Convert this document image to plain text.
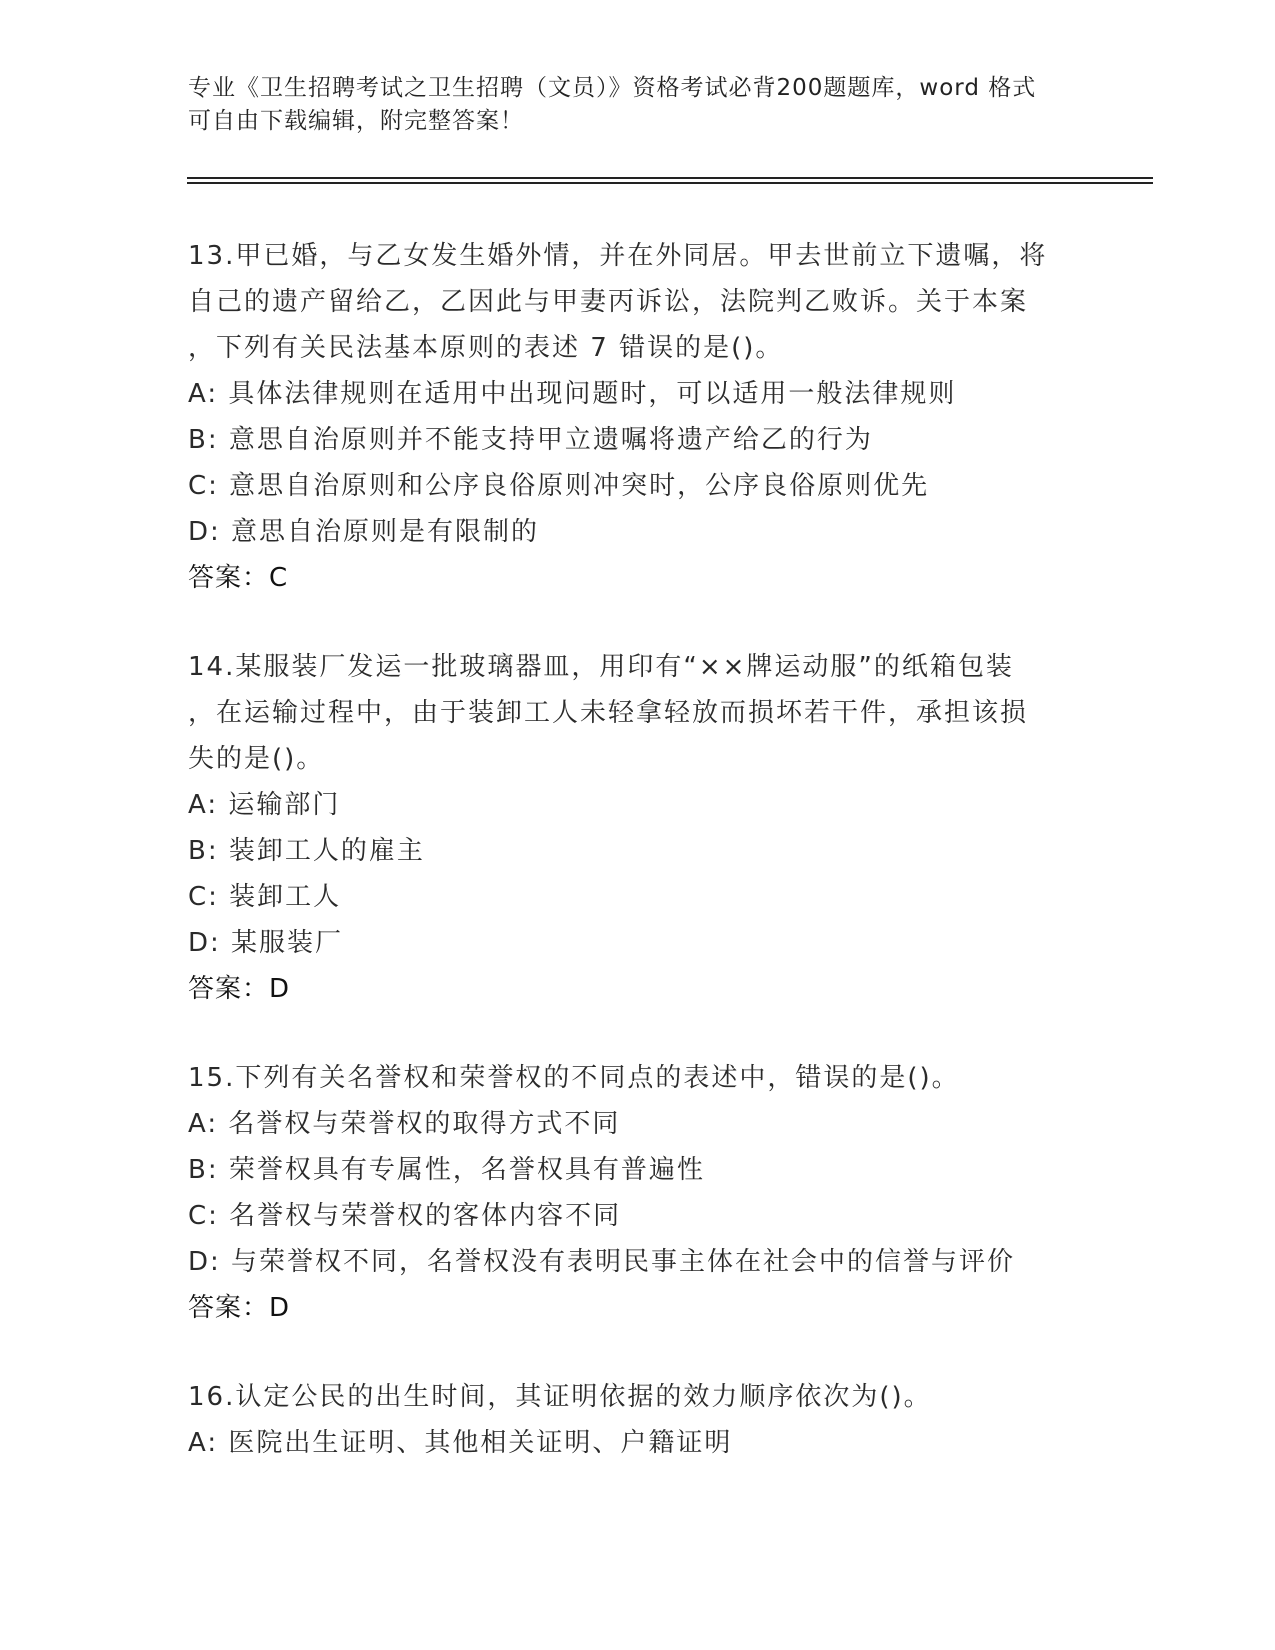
专业《卫生招聘考试之卫生招聘（文员）》资格考试必背200题题库，word 格式
可自由下载编辑，附完整答案！
13.甲已婚，与乙女发生婚外情，并在外同居。甲去世前立下遗嘱，将
自己的遗产留给乙，乙因此与甲妻丙诉讼，法院判乙败诉。关于本案
，下列有关民法基本原则的表述 7 错误的是()。
A: 具体法律规则在适用中出现问题时，可以适用一般法律规则
B: 意思自治原则并不能支持甲立遗嘱将遗产给乙的行为
C: 意思自治原则和公序良俗原则冲突时，公序良俗原则优先
D: 意思自治原则是有限制的
答案：C
14.某服装厂发运一批玻璃器皿，用印有“××牌运动服”的纸箱包装
，在运输过程中，由于装卸工人未轻拿轻放而损坏若干件，承担该损
失的是()。
A: 运输部门
B: 装卸工人的雇主
C: 装卸工人
D: 某服装厂
答案：D
15.下列有关名誉权和荣誉权的不同点的表述中，错误的是()。
A: 名誉权与荣誉权的取得方式不同
B: 荣誉权具有专属性，名誉权具有普遍性
C: 名誉权与荣誉权的客体内容不同
D: 与荣誉权不同，名誉权没有表明民事主体在社会中的信誉与评价
答案：D
16.认定公民的出生时间，其证明依据的效力顺序依次为()。
A: 医院出生证明、其他相关证明、户籍证明
